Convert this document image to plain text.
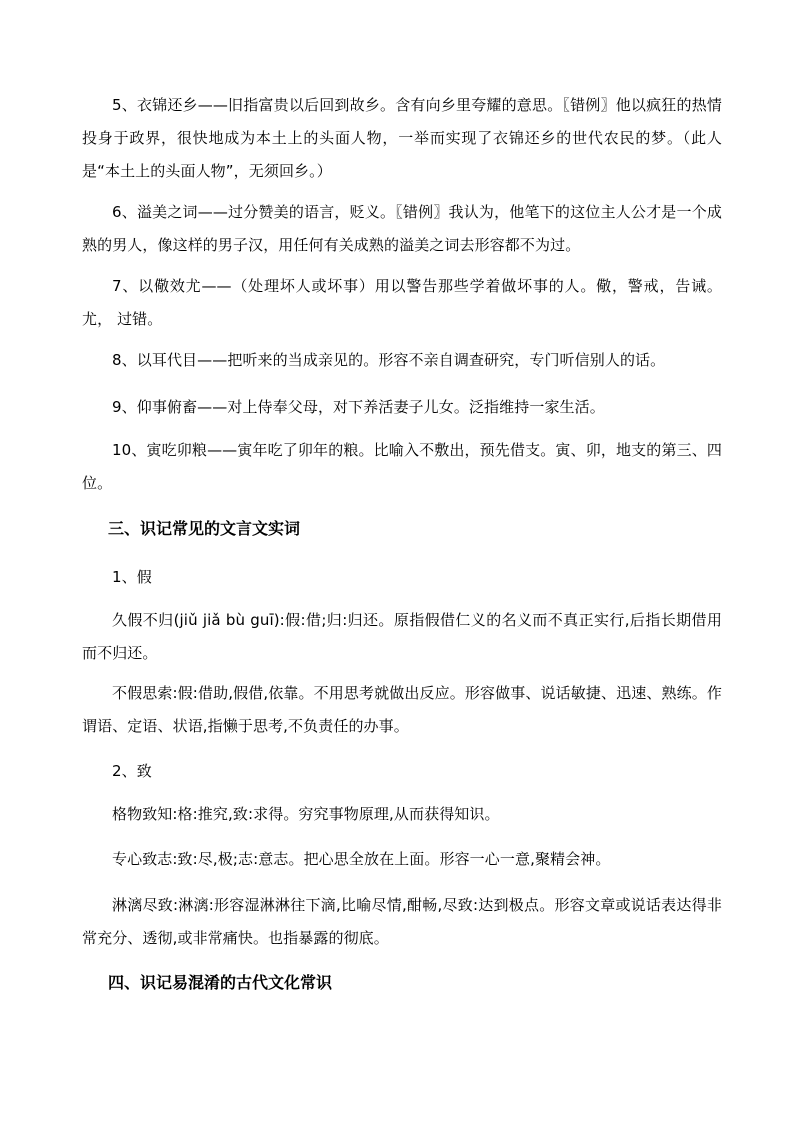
5、衣锦还乡——旧指富贵以后回到故乡。含有向乡里夸耀的意思。〖错例〗他以疯狂的热情投身于政界，很快地成为本土上的头面人物，一举而实现了衣锦还乡的世代农民的梦。（此人是“本土上的头面人物”，无须回乡。）

6、溢美之词——过分赞美的语言，贬义。〖错例〗我认为，他笔下的这位主人公才是一个成熟的男人，像这样的男子汉，用任何有关成熟的溢美之词去形容都不为过。

7、以儆效尤——（处理坏人或坏事）用以警告那些学着做坏事的人。儆，警戒，告诫。尤， 过错。

8、以耳代目——把听来的当成亲见的。形容不亲自调查研究，专门听信别人的话。

9、仰事俯畜——对上侍奉父母，对下养活妻子儿女。泛指维持一家生活。

10、寅吃卯粮——寅年吃了卯年的粮。比喻入不敷出，预先借支。寅、卯，地支的第三、四位。

三、识记常见的文言文实词

1、假

久假不归(jiǔ jiǎ bù guī):假:借;归:归还。原指假借仁义的名义而不真正实行,后指长期借用而不归还。

不假思索:假:借助,假借,依靠。不用思考就做出反应。形容做事、说话敏捷、迅速、熟练。作谓语、定语、状语,指懒于思考,不负责任的办事。

2、致

格物致知:格:推究,致:求得。穷究事物原理,从而获得知识。

专心致志:致:尽,极;志:意志。把心思全放在上面。形容一心一意,聚精会神。

淋漓尽致:淋漓:形容湿淋淋往下滴,比喻尽情,酣畅,尽致:达到极点。形容文章或说话表达得非常充分、透彻,或非常痛快。也指暴露的彻底。

四、识记易混淆的古代文化常识
